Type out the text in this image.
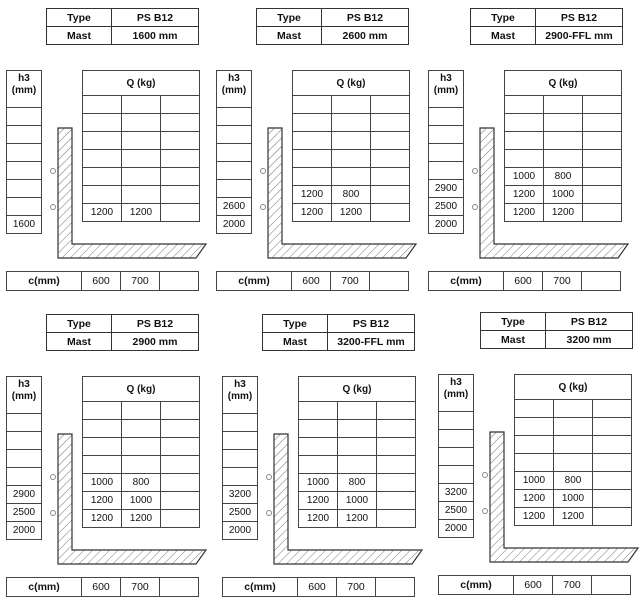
Type	PS B12
Mast	1600 mm
h3
(mm)

1600
Q (kg)		

1200	1200	
c(mm)	600	700	
Type	PS B12
Mast	2600 mm
h3
(mm)

2600
2000
Q (kg)		

1200	800	
1200	1200	
c(mm)	600	700	
Type	PS B12
Mast	2900-FFL mm
h3
(mm)

2900
2500
2000
Q (kg)		

1000	800	
1200	1000	
1200	1200	
c(mm)	600	700	
Type	PS B12
Mast	2900 mm
h3
(mm)

2900
2500
2000
Q (kg)		

1000	800	
1200	1000	
1200	1200	
c(mm)	600	700	
Type	PS B12
Mast	3200-FFL mm
h3
(mm)

3200
2500
2000
Q (kg)		

1000	800	
1200	1000	
1200	1200	
c(mm)	600	700	
Type	PS B12
Mast	3200 mm
h3
(mm)

3200
2500
2000
Q (kg)		

1000	800	
1200	1000	
1200	1200	
c(mm)	600	700	
